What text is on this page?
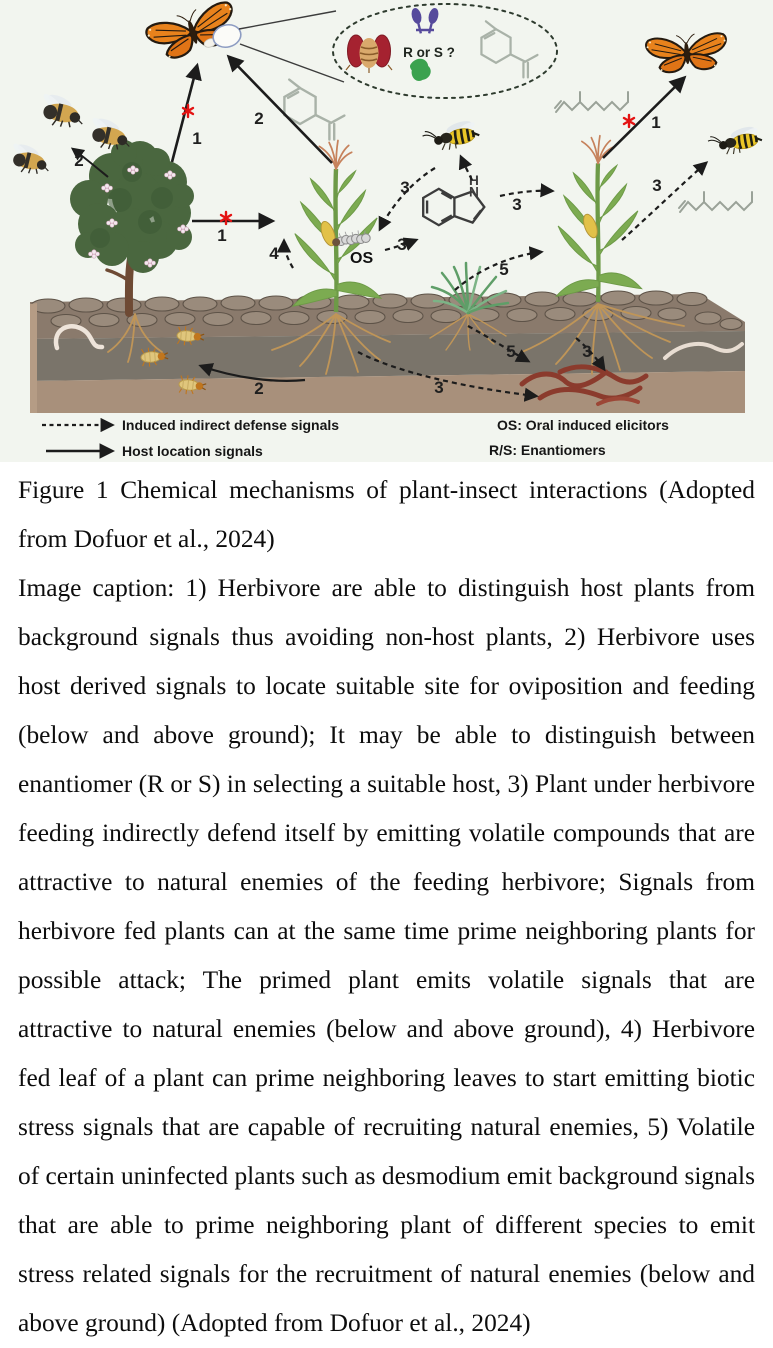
OS
R or S ?
N
H
1
1
2
2
1
3
3
3
3
4
5
3
5	3
2
Induced indirect defense signals
Host location signals
OS: Oral induced elicitors
R/S: Enantiomers

Figure 1 Chemical mechanisms of plant-insect interactions (Adopted from Dofuor et al., 2024)

Image caption: 1) Herbivore are able to distinguish host plants from background signals thus avoiding non-host plants, 2) Herbivore uses host derived signals to locate suitable site for oviposition and feeding (below and above ground); It may be able to distinguish between enantiomer (R or S) in selecting a suitable host, 3) Plant under herbivore feeding indirectly defend itself by emitting volatile compounds that are attractive to natural enemies of the feeding herbivore; Signals from herbivore fed plants can at the same time prime neighboring plants for possible attack; The primed plant emits volatile signals that are attractive to natural enemies (below and above ground), 4) Herbivore fed leaf of a plant can prime neighboring leaves to start emitting biotic stress signals that are capable of recruiting natural enemies, 5) Volatile of certain uninfected plants such as desmodium emit background signals that are able to prime neighboring plant of different species to emit stress related signals for the recruitment of natural enemies (below and above ground) (Adopted from Dofuor et al., 2024)
